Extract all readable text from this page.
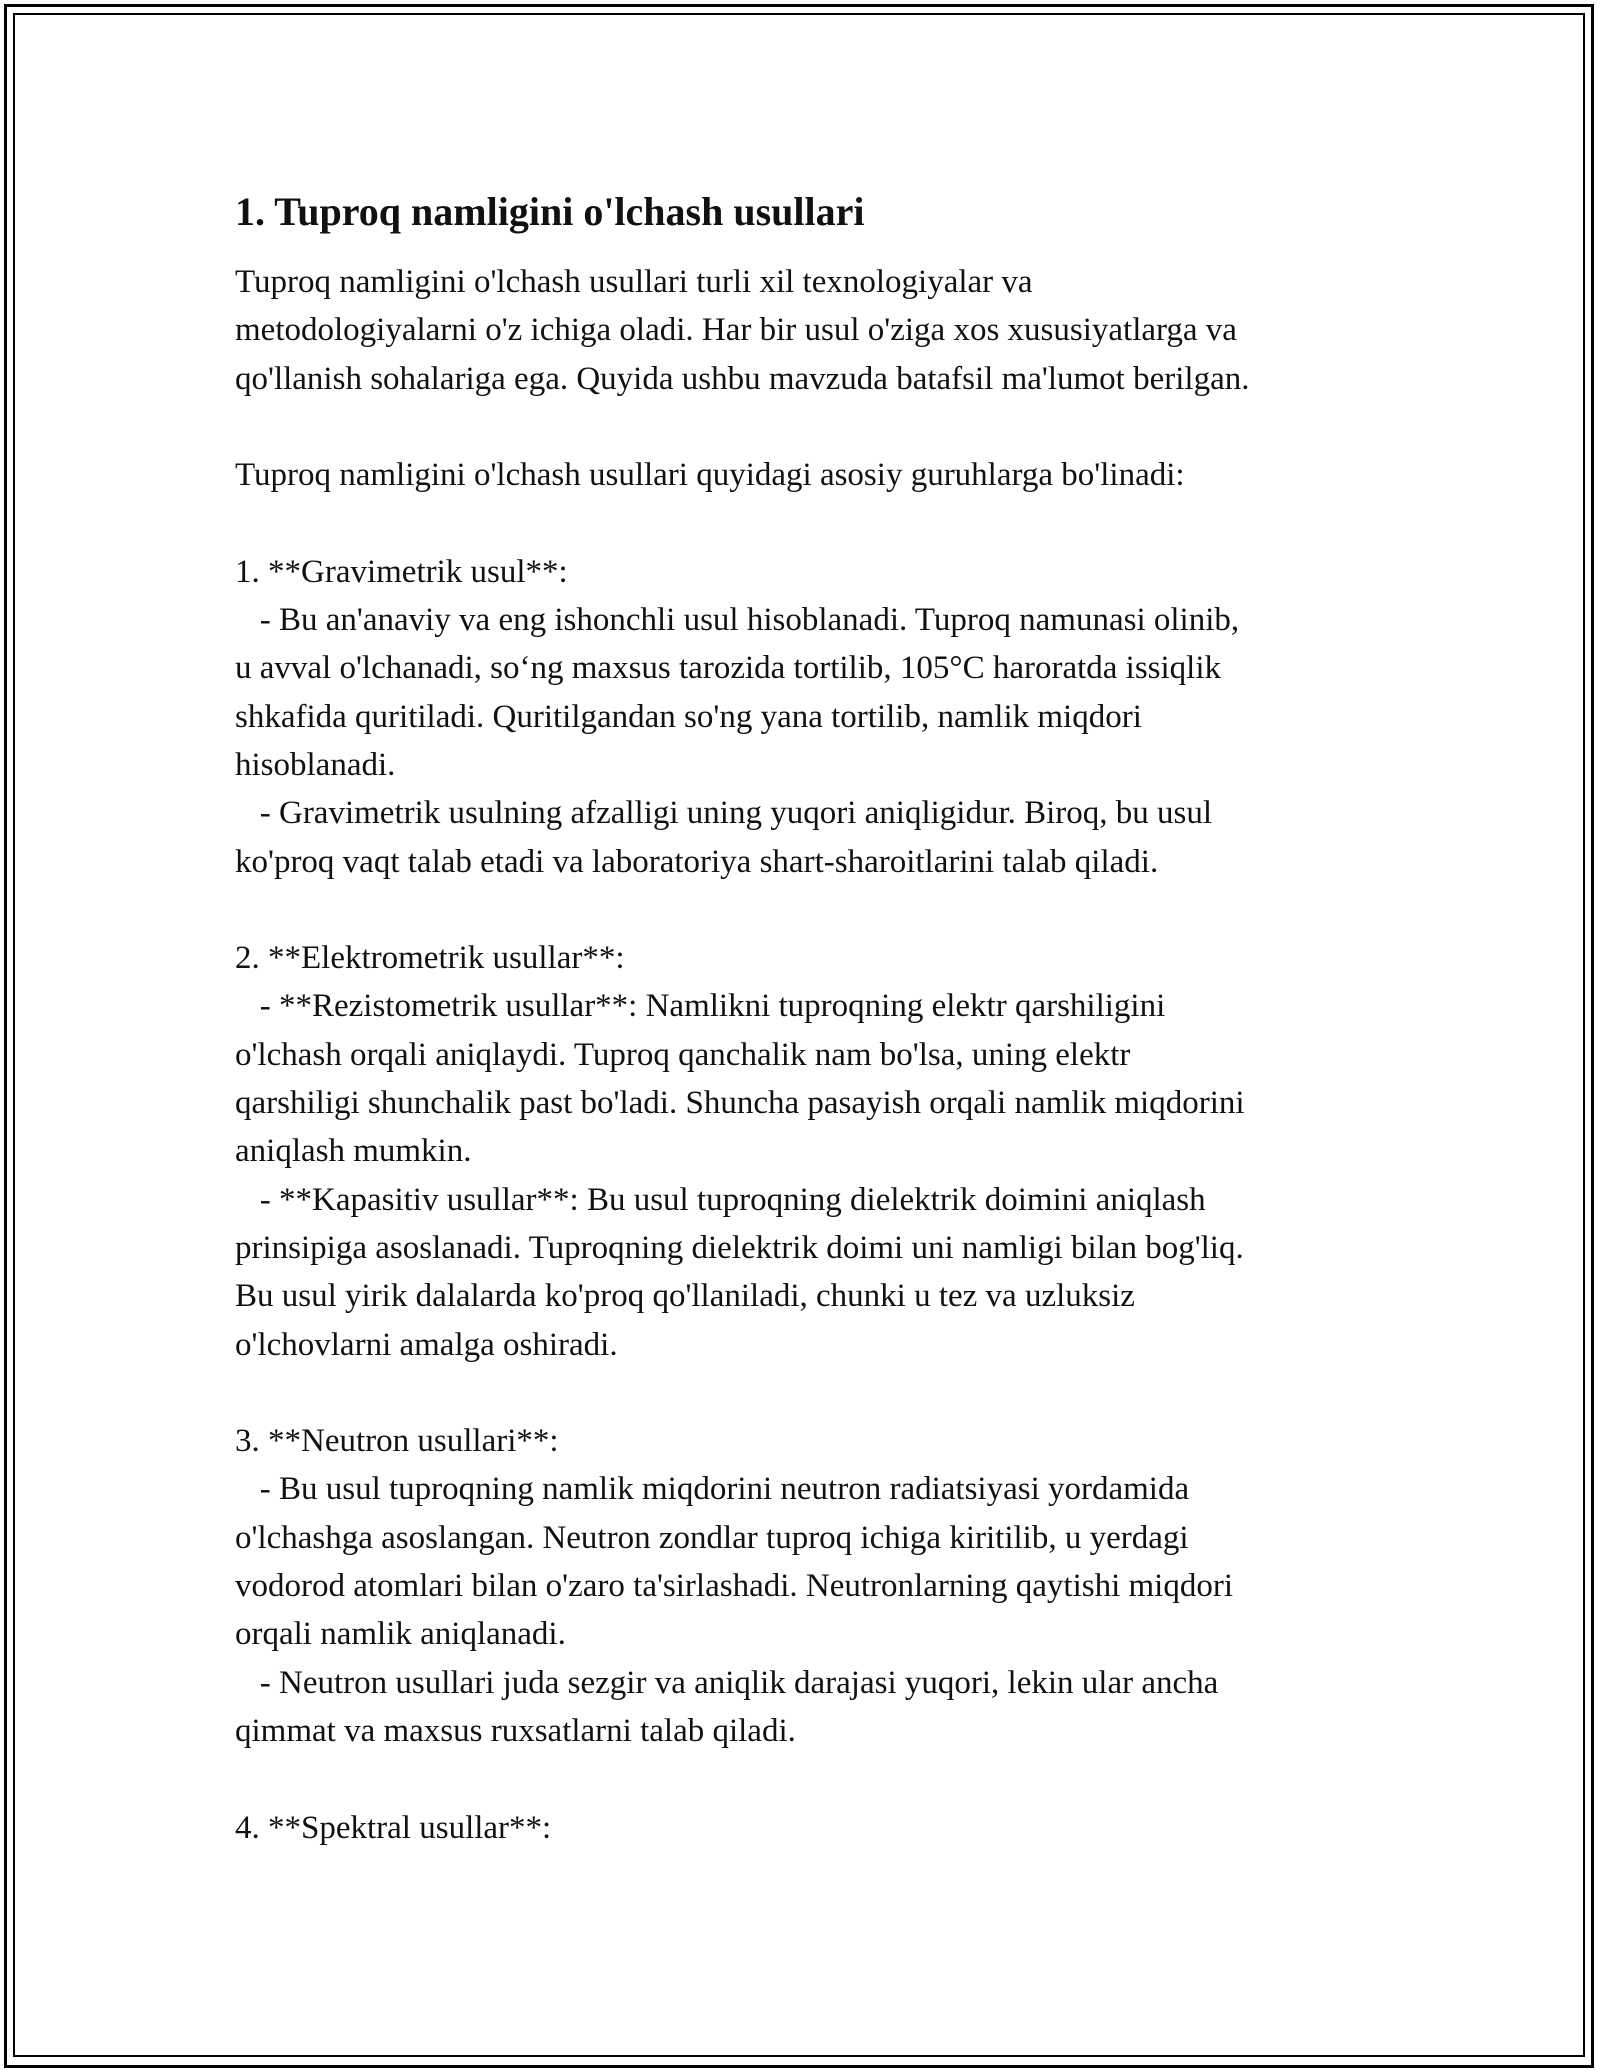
1. Tuproq namligini o'lchash usullari

Tuproq namligini o'lchash usullari turli xil texnologiyalar va
metodologiyalarni o'z ichiga oladi. Har bir usul o'ziga xos xususiyatlarga va
qo'llanish sohalariga ega. Quyida ushbu mavzuda batafsil ma'lumot berilgan.

Tuproq namligini o'lchash usullari quyidagi asosiy guruhlarga bo'linadi:

1. **Gravimetrik usul**:
- Bu an'anaviy va eng ishonchli usul hisoblanadi. Tuproq namunasi olinib,
u avval o'lchanadi, so‘ng maxsus tarozida tortilib, 105°C haroratda issiqlik
shkafida quritiladi. Quritilgandan so'ng yana tortilib, namlik miqdori
hisoblanadi.
- Gravimetrik usulning afzalligi uning yuqori aniqligidur. Biroq, bu usul
ko'proq vaqt talab etadi va laboratoriya shart-sharoitlarini talab qiladi.

2. **Elektrometrik usullar**:
- **Rezistometrik usullar**: Namlikni tuproqning elektr qarshiligini
o'lchash orqali aniqlaydi. Tuproq qanchalik nam bo'lsa, uning elektr
qarshiligi shunchalik past bo'ladi. Shuncha pasayish orqali namlik miqdorini
aniqlash mumkin.
- **Kapasitiv usullar**: Bu usul tuproqning dielektrik doimini aniqlash
prinsipiga asoslanadi. Tuproqning dielektrik doimi uni namligi bilan bog'liq.
Bu usul yirik dalalarda ko'proq qo'llaniladi, chunki u tez va uzluksiz
o'lchovlarni amalga oshiradi.

3. **Neutron usullari**:
- Bu usul tuproqning namlik miqdorini neutron radiatsiyasi yordamida
o'lchashga asoslangan. Neutron zondlar tuproq ichiga kiritilib, u yerdagi
vodorod atomlari bilan o'zaro ta'sirlashadi. Neutronlarning qaytishi miqdori
orqali namlik aniqlanadi.
- Neutron usullari juda sezgir va aniqlik darajasi yuqori, lekin ular ancha
qimmat va maxsus ruxsatlarni talab qiladi.

4. **Spektral usullar**:
